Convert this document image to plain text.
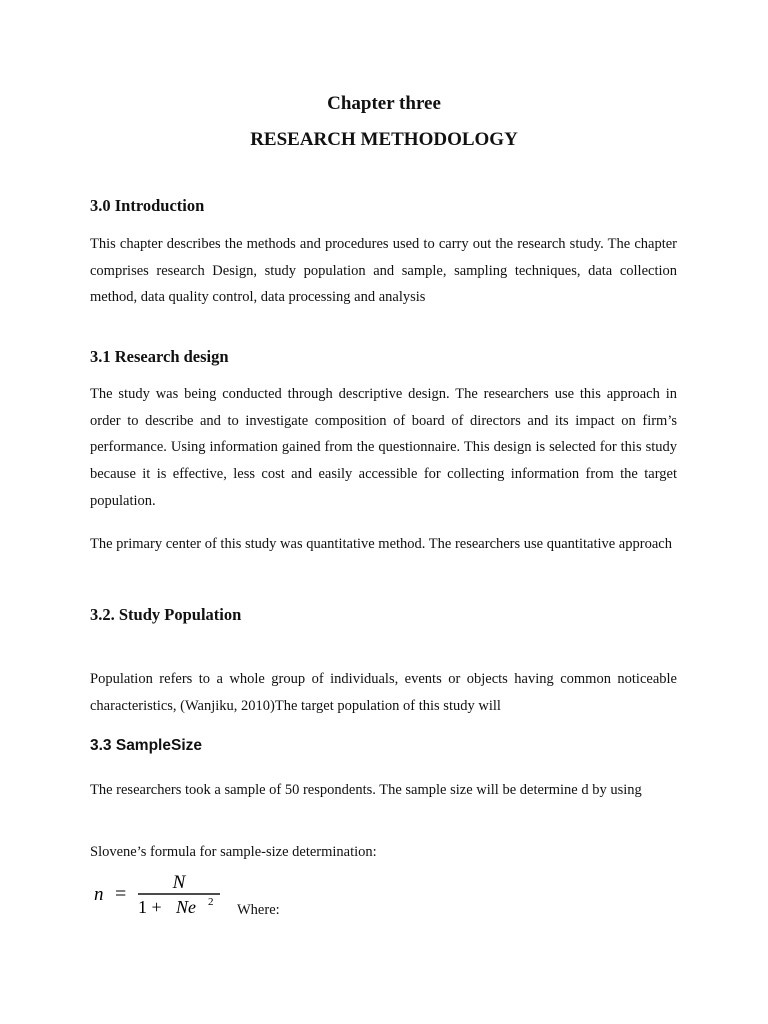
Chapter three
RESEARCH METHODOLOGY
3.0 Introduction

This chapter describes the methods and procedures used to carry out the research study. The chapter comprises research Design, study population and sample, sampling techniques, data collection method, data quality control, data processing and analysis

3.1 Research design

The study was being conducted through descriptive design. The researchers use this approach in order to describe and to investigate composition of board of directors and its impact on firm’s performance. Using information gained from the questionnaire. This design is selected for this study because it is effective, less cost and easily accessible for collecting information from the target population.

The primary center of this study was quantitative method. The researchers use quantitative approach

3.2. Study Population

Population refers to a whole group of individuals, events or objects having common noticeable characteristics, (Wanjiku, 2010)The target population of this study will

3.3 SampleSize

The researchers took a sample of 50 respondents. The sample size will be determine d by using

Slovene’s formula for sample-size determination:

n =
N
1 + Ne 2 Where:
